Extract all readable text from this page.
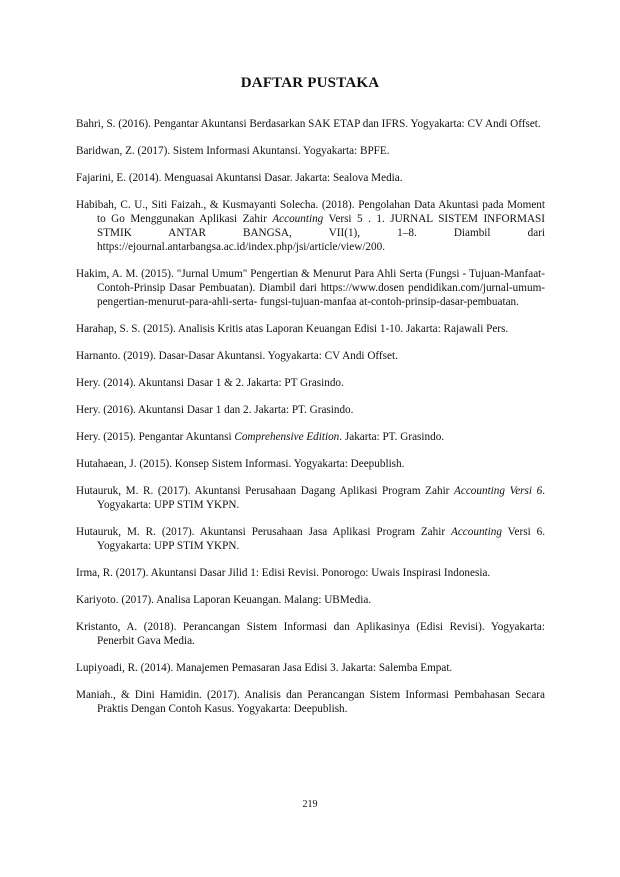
DAFTAR PUSTAKA

Bahri, S. (2016). Pengantar Akuntansi Berdasarkan SAK ETAP dan IFRS. Yogyakarta: CV Andi Offset.

Baridwan, Z. (2017). Sistem Informasi Akuntansi. Yogyakarta: BPFE.

Fajarini, E. (2014). Menguasai Akuntansi Dasar. Jakarta: Sealova Media.

Habibah, C. U., Siti Faizah., & Kusmayanti Solecha. (2018). Pengolahan Data Akuntasi pada Moment to Go Menggunakan Aplikasi Zahir Accounting Versi 5 . 1. JURNAL SISTEM INFORMASI STMIK ANTAR BANGSA, VII(1), 1–8. Diambil dari https://ejournal.antarbangsa.ac.id/index.php/jsi/article/view/200.

Hakim, A. M. (2015). "Jurnal Umum" Pengertian & Menurut Para Ahli Serta (Fungsi - Tujuan-Manfaat-Contoh-Prinsip Dasar Pembuatan). Diambil dari https://www.dosen pendidikan.com/jurnal-umum-pengertian-menurut-para-ahli-serta- fungsi-tujuan-manfaa at-contoh-prinsip-dasar-pembuatan.

Harahap, S. S. (2015). Analisis Kritis atas Laporan Keuangan Edisi 1-10. Jakarta: Rajawali Pers.

Harnanto. (2019). Dasar-Dasar Akuntansi. Yogyakarta: CV Andi Offset.

Hery. (2014). Akuntansi Dasar 1 & 2. Jakarta: PT Grasindo.

Hery. (2016). Akuntansi Dasar 1 dan 2. Jakarta: PT. Grasindo.

Hery. (2015). Pengantar Akuntansi Comprehensive Edition. Jakarta: PT. Grasindo.

Hutahaean, J. (2015). Konsep Sistem Informasi. Yogyakarta: Deepublish.

Hutauruk, M. R. (2017). Akuntansi Perusahaan Dagang Aplikasi Program Zahir Accounting Versi 6. Yogyakarta: UPP STIM YKPN.

Hutauruk, M. R. (2017). Akuntansi Perusahaan Jasa Aplikasi Program Zahir Accounting Versi 6. Yogyakarta: UPP STIM YKPN.

Irma, R. (2017). Akuntansi Dasar Jilid 1: Edisi Revisi. Ponorogo: Uwais Inspirasi Indonesia.

Kariyoto. (2017). Analisa Laporan Keuangan. Malang: UBMedia.

Kristanto, A. (2018). Perancangan Sistem Informasi dan Aplikasinya (Edisi Revisi). Yogyakarta: Penerbit Gava Media.

Lupiyoadi, R. (2014). Manajemen Pemasaran Jasa Edisi 3. Jakarta: Salemba Empat.

Maniah., & Dini Hamidin. (2017). Analisis dan Perancangan Sistem Informasi Pembahasan Secara Praktis Dengan Contoh Kasus. Yogyakarta: Deepublish.

219
